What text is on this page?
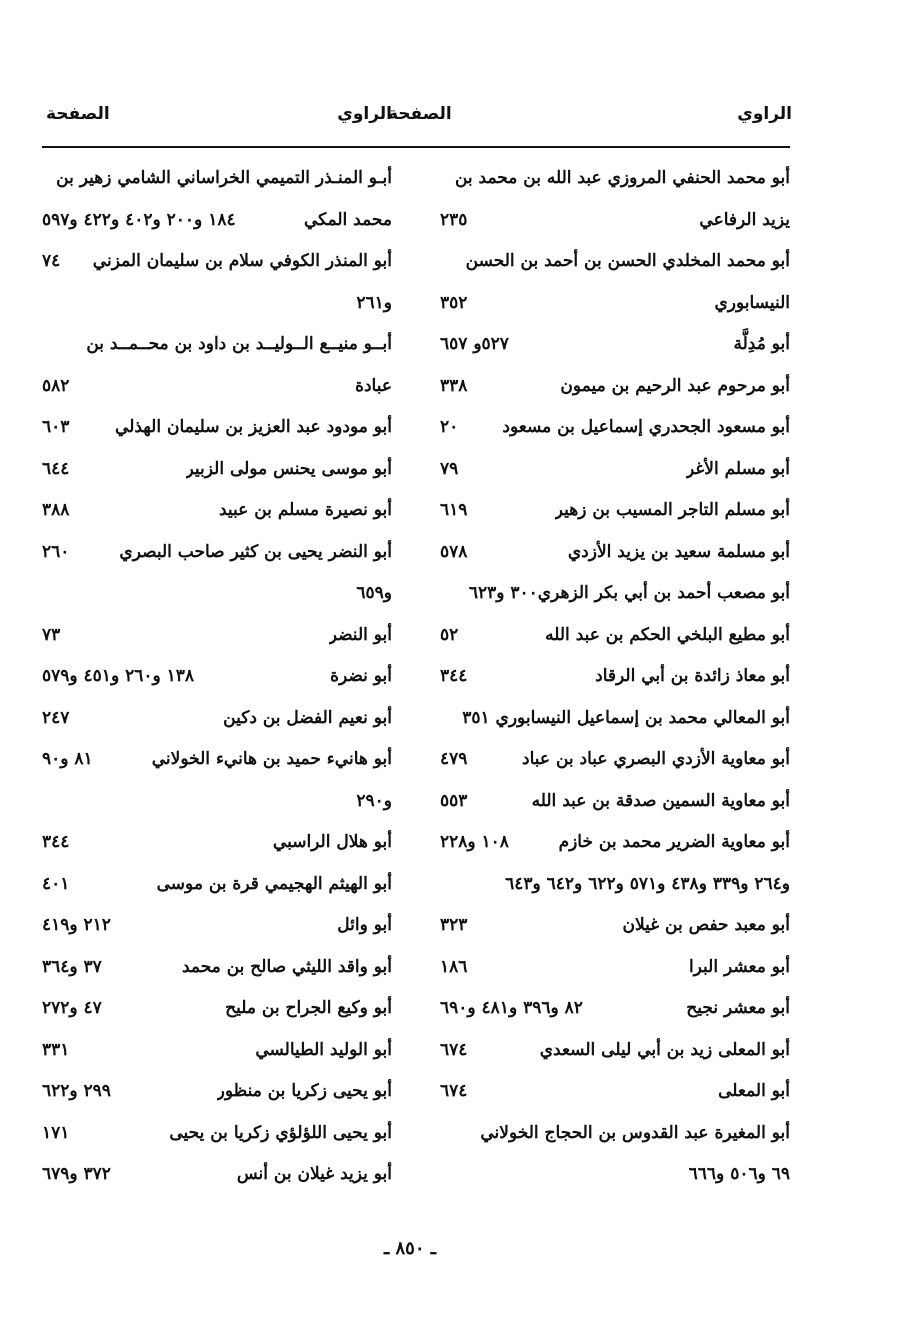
الراوي
الصفحة
الراوي
الصفحة
أبو محمد الحنفي المروزي عبد الله بن محمد بن
يزيد الرفاعي
٢٣٥
أبو محمد المخلدي الحسن بن أحمد بن الحسن
النيسابوري
٣٥٢
أبو مُدِلَّة
٥٢٧و ٦٥٧
أبو مرحوم عبد الرحيم بن ميمون
٣٣٨
أبو مسعود الجحدري إسماعيل بن مسعود
٢٠
أبو مسلم الأغر
٧٩
أبو مسلم التاجر المسيب بن زهير
٦١٩
أبو مسلمة سعيد بن يزيد الأزدي
٥٧٨
أبو مصعب أحمد بن أبي بكر الزهري٣٠٠ و٦٢٣
أبو مطيع البلخي الحكم بن عبد الله
٥٢
أبو معاذ زائدة بن أبي الرقاد
٣٤٤
أبو المعالي محمد بن إسماعيل النيسابوري ٣٥١
أبو معاوية الأزدي البصري عباد بن عباد
٤٧٩
أبو معاوية السمين صدقة بن عبد الله
٥٥٣
أبو معاوية الضرير محمد بن خازم
١٠٨ و٢٢٨
و٢٦٤ و٣٣٩ و٤٣٨ و٥٧١ و٦٢٢ و٦٤٢ و٦٤٣
أبو معبد حفص بن غيلان
٣٢٣
أبو معشر البرا
١٨٦
أبو معشر نجيح
٨٢ و٣٩٦ و٤٨١ و٦٩٠
أبو المعلى زيد بن أبي ليلى السعدي
٦٧٤
أبو المعلى
٦٧٤
أبو المغيرة عبد القدوس بن الحجاج الخولاني
٦٩ و٥٠٦ و٦٦٦
أبـو المنـذر التميمي الخراساني الشامي زهير بن
محمد المكي
١٨٤ و٢٠٠ و٤٠٢ و٤٢٢ و٥٩٧
أبو المنذر الكوفي سلام بن سليمان المزني
٧٤
و٢٦١
أبــو منيــع الــوليــد بن داود بن محــمــد بن
عبادة
٥٨٢
أبو مودود عبد العزيز بن سليمان الهذلي
٦٠٣
أبو موسى يحنس مولى الزبير
٦٤٤
أبو نصيرة مسلم بن عبيد
٣٨٨
أبو النضر يحيى بن كثير صاحب البصري
٢٦٠
و٦٥٩
أبو النضر
٧٣
أبو نضرة
١٣٨ و٢٦٠ و٤٥١ و٥٧٩
أبو نعيم الفضل بن دكين
٢٤٧
أبو هانيء حميد بن هانيء الخولاني
٨١ و٩٠
و٢٩٠
أبو هلال الراسبي
٣٤٤
أبو الهيثم الهجيمي قرة بن موسى
٤٠١
أبو وائل
٢١٢ و٤١٩
أبو واقد الليثي صالح بن محمد
٣٧ و٣٦٤
أبو وكيع الجراح بن مليح
٤٧ و٢٧٢
أبو الوليد الطيالسي
٣٣١
أبو يحيى زكريا بن منظور
٢٩٩ و٦٢٢
أبو يحيى اللؤلؤي زكريا بن يحيى
١٧١
أبو يزيد غيلان بن أنس
٣٧٢ و٦٧٩
ـ ٨٥٠ ـ
